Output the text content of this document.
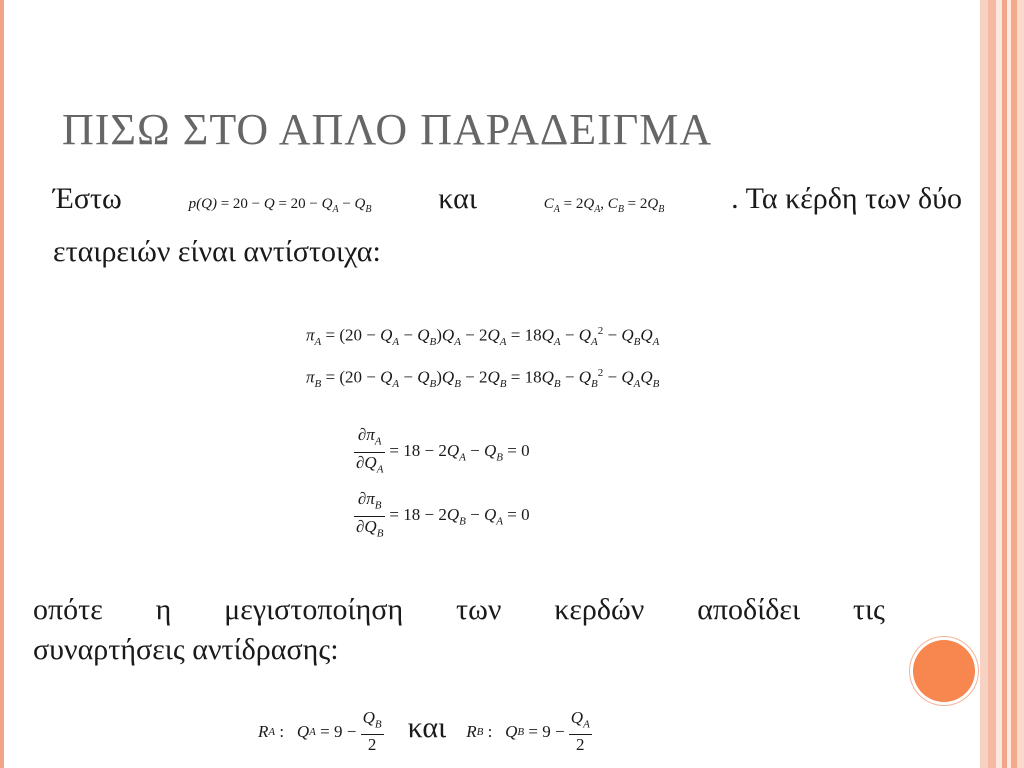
ΠΙΣΩ ΣΤΟ ΑΠΛΟ ΠΑΡΑΔΕΙΓΜΑ
Έστω	$p(Q) = 20 - Q = 20 - Q_A - Q_B$ και	$C_A = 2Q_A$, $C_B = 2Q_B$ . Τα κέρδη των δύο
εταιρειών είναι αντίστοιχα:
$\pi_A = (20 - Q_A - Q_B)Q_A - 2Q_A = 18Q_A - Q_A^2 - Q_BQ_A$
$\pi_B = (20 - Q_A - Q_B)Q_B - 2Q_B = 18Q_B - Q_B^2 - Q_AQ_B$
$\frac{\partial\pi_A}{\partial Q_A} = 18 - 2Q_A - Q_B = 0$
$\frac{\partial\pi_B}{\partial Q_B} = 18 - 2Q_B - Q_A = 0$
οπότε η μεγιστοποίηση των κερδών αποδίδει τις
συναρτήσεις αντίδρασης:
R A : Q $A = 9 - \frac{Q_B}{2}$ και R B : Q $B = 9 - \frac{Q_A}{2}$
